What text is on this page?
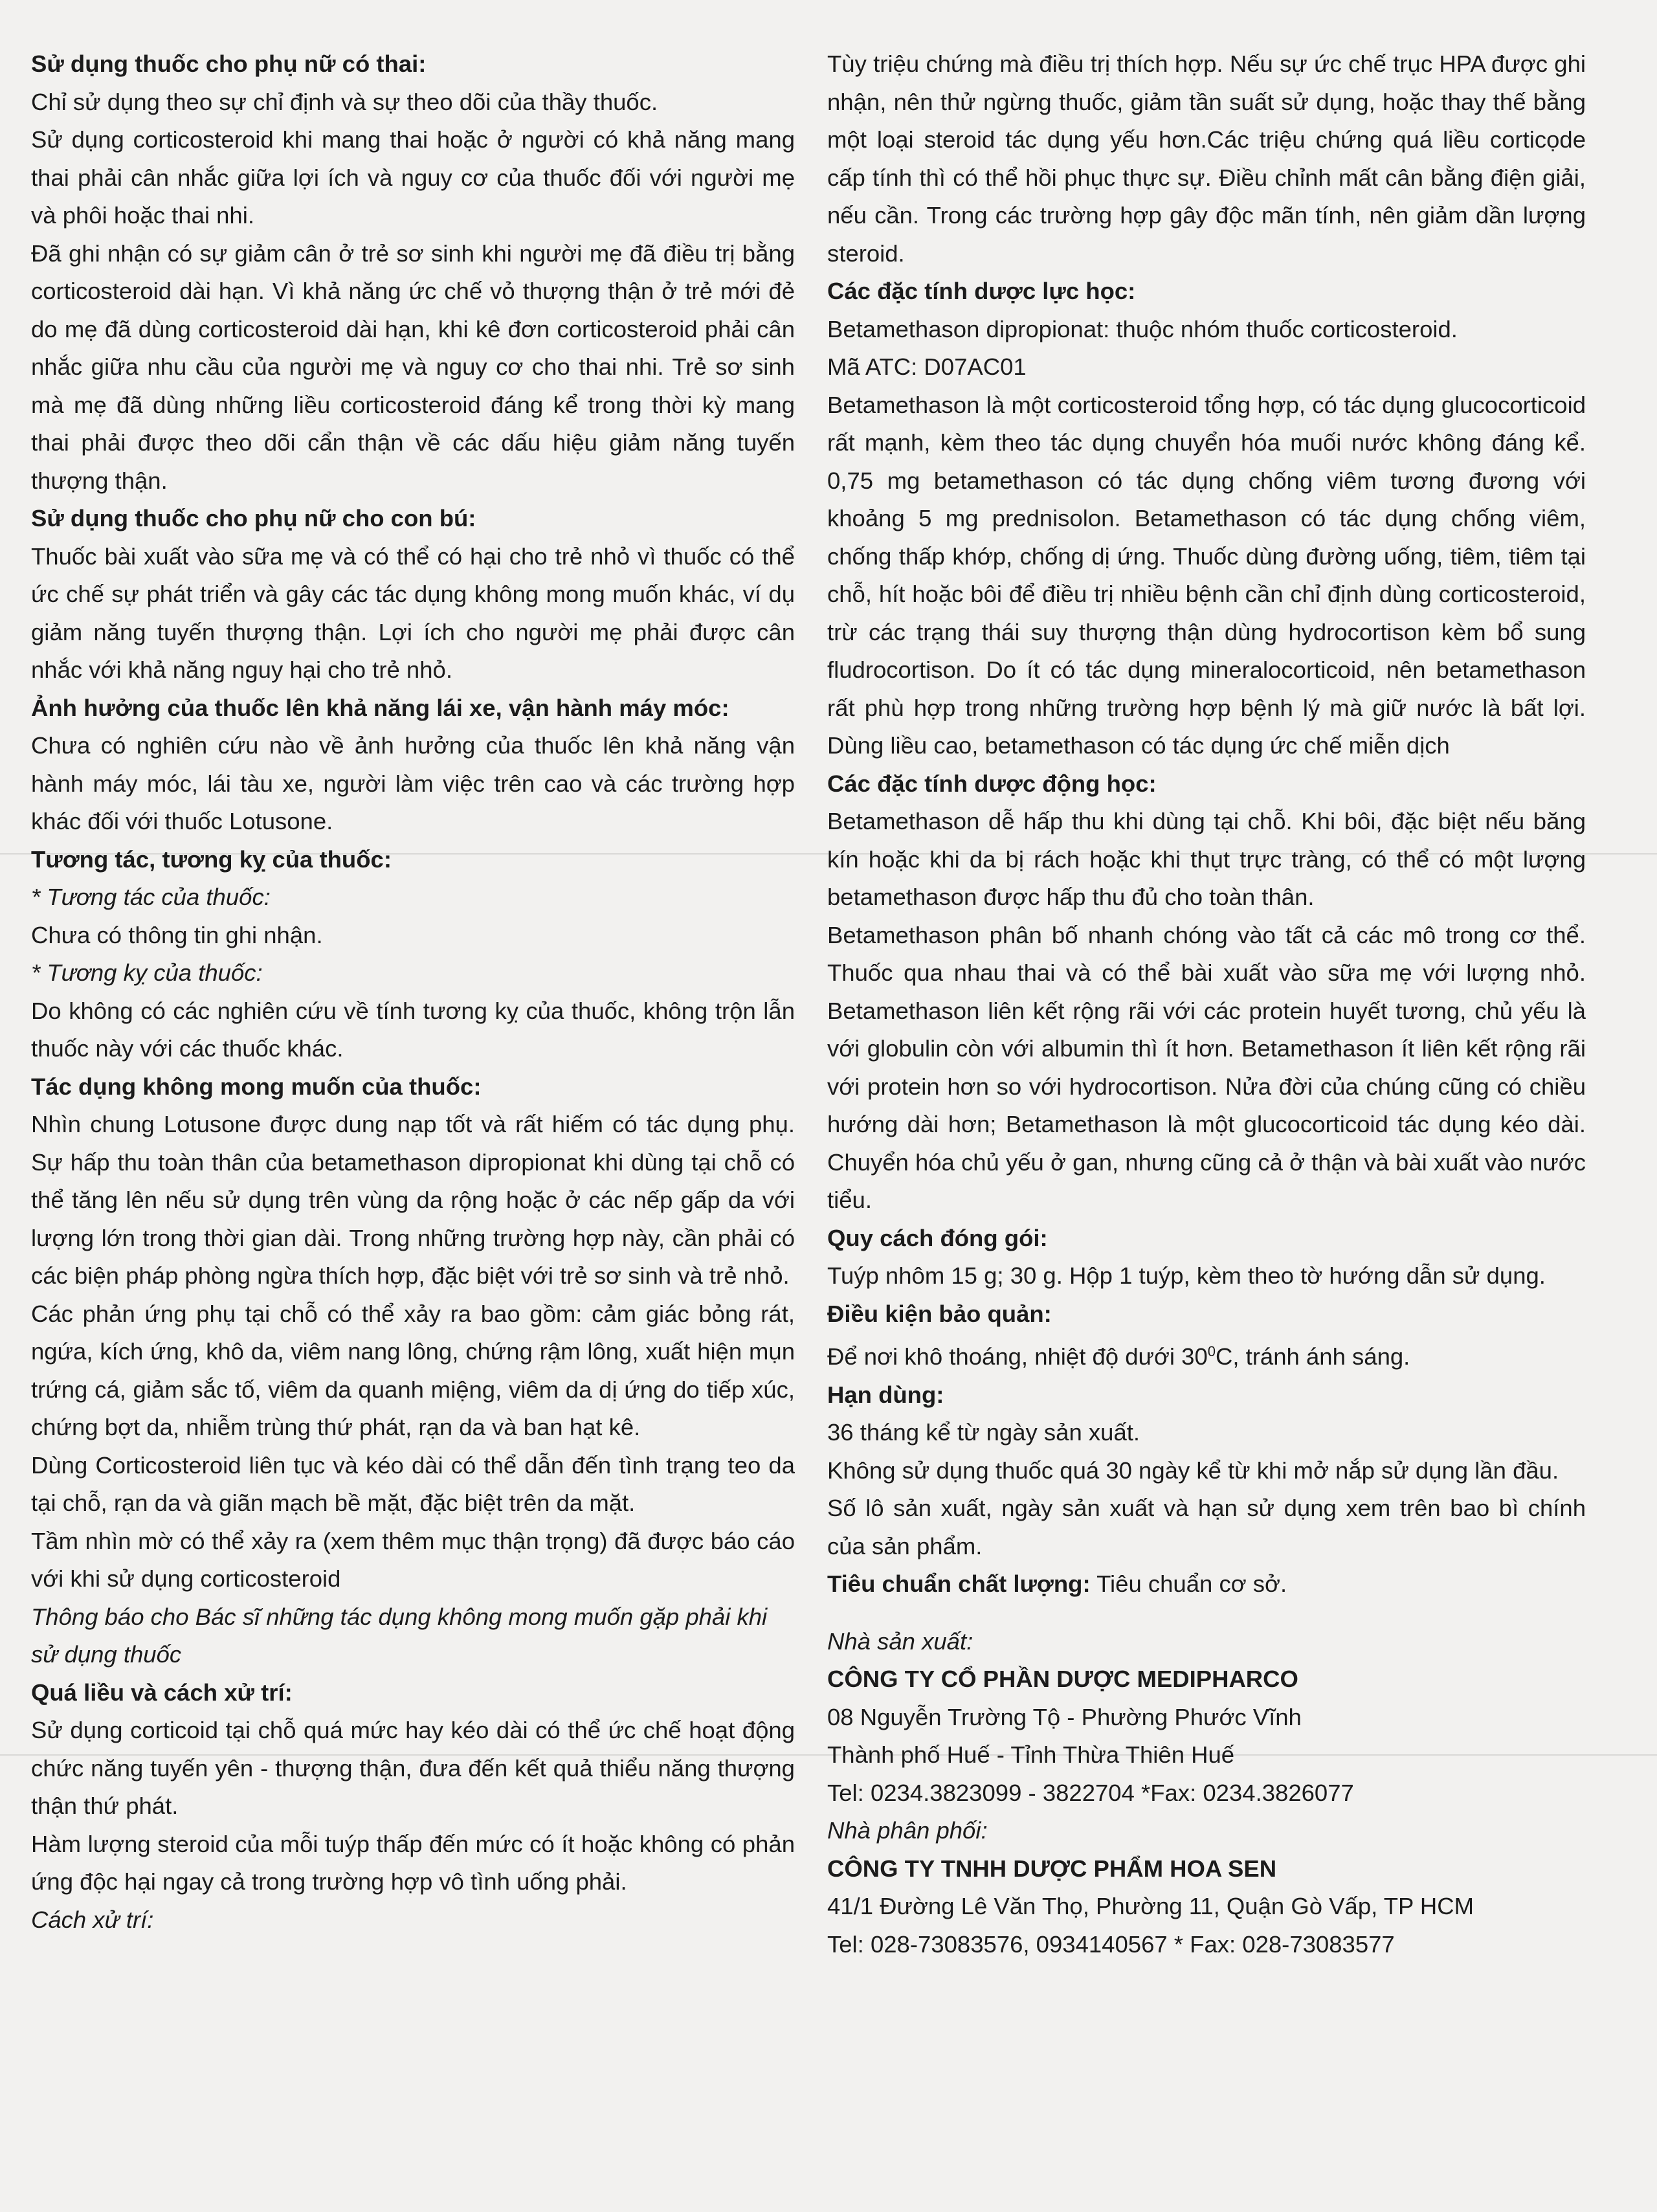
Sử dụng thuốc cho phụ nữ có thai:

Chỉ sử dụng theo sự chỉ định và sự theo dõi của thầy thuốc.

Sử dụng corticosteroid khi mang thai hoặc ở người có khả năng mang thai phải cân nhắc giữa lợi ích và nguy cơ của thuốc đối với người mẹ và phôi hoặc thai nhi.

Đã ghi nhận có sự giảm cân ở trẻ sơ sinh khi người mẹ đã điều trị bằng corticosteroid dài hạn. Vì khả năng ức chế vỏ thượng thận ở trẻ mới đẻ do mẹ đã dùng corticosteroid dài hạn, khi kê đơn corticosteroid phải cân nhắc giữa nhu cầu của người mẹ và nguy cơ cho thai nhi. Trẻ sơ sinh mà mẹ đã dùng những liều corticosteroid đáng kể trong thời kỳ mang thai phải được theo dõi cẩn thận về các dấu hiệu giảm năng tuyến thượng thận.

Sử dụng thuốc cho phụ nữ cho con bú:

Thuốc bài xuất vào sữa mẹ và có thể có hại cho trẻ nhỏ vì thuốc có thể ức chế sự phát triển và gây các tác dụng không mong muốn khác, ví dụ giảm năng tuyến thượng thận. Lợi ích cho người mẹ phải được cân nhắc với khả năng nguy hại cho trẻ nhỏ.

Ảnh hưởng của thuốc lên khả năng lái xe, vận hành máy móc:

Chưa có nghiên cứu nào về ảnh hưởng của thuốc lên khả năng vận hành máy móc, lái tàu xe, người làm việc trên cao và các trường hợp khác đối với thuốc Lotusone.

Tương tác, tương kỵ của thuốc:

* Tương tác của thuốc:

Chưa có thông tin ghi nhận.

* Tương kỵ của thuốc:

Do không có các nghiên cứu về tính tương kỵ của thuốc, không trộn lẫn thuốc này với các thuốc khác.

Tác dụng không mong muốn của thuốc:

Nhìn chung Lotusone được dung nạp tốt và rất hiếm có tác dụng phụ. Sự hấp thu toàn thân của betamethason dipropionat khi dùng tại chỗ có thể tăng lên nếu sử dụng trên vùng da rộng hoặc ở các nếp gấp da với lượng lớn trong thời gian dài. Trong những trường hợp này, cần phải có các biện pháp phòng ngừa thích hợp, đặc biệt với trẻ sơ sinh và trẻ nhỏ.

Các phản ứng phụ tại chỗ có thể xảy ra bao gồm: cảm giác bỏng rát, ngứa, kích ứng, khô da, viêm nang lông, chứng rậm lông, xuất hiện mụn trứng cá, giảm sắc tố, viêm da quanh miệng, viêm da dị ứng do tiếp xúc, chứng bợt da, nhiễm trùng thứ phát, rạn da và ban hạt kê.

Dùng Corticosteroid liên tục và kéo dài có thể dẫn đến tình trạng teo da tại chỗ, rạn da và giãn mạch bề mặt, đặc biệt trên da mặt.

Tầm nhìn mờ có thể xảy ra (xem thêm mục thận trọng) đã được báo cáo với khi sử dụng corticosteroid

Thông báo cho Bác sĩ những tác dụng không mong muốn gặp phải khi sử dụng thuốc

Quá liều và cách xử trí:

Sử dụng corticoid tại chỗ quá mức hay kéo dài có thể ức chế hoạt động chức năng tuyến yên - thượng thận, đưa đến kết quả thiểu năng thượng thận thứ phát.

Hàm lượng steroid của mỗi tuýp thấp đến mức có ít hoặc không có phản ứng độc hại ngay cả trong trường hợp vô tình uống phải.

Cách xử trí:

Tùy triệu chứng mà điều trị thích hợp. Nếu sự ức chế trục HPA được ghi nhận, nên thử ngừng thuốc, giảm tần suất sử dụng, hoặc thay thế bằng một loại steroid tác dụng yếu hơn.Các triệu chứng quá liều corticọde cấp tính thì có thể hồi phục thực sự. Điều chỉnh mất cân bằng điện giải, nếu cần. Trong các trường hợp gây độc mãn tính, nên giảm dần lượng steroid.

Các đặc tính dược lực học:

Betamethason dipropionat: thuộc nhóm thuốc corticosteroid.

Mã ATC: D07AC01

Betamethason là một corticosteroid tổng hợp, có tác dụng glucocorticoid rất mạnh, kèm theo tác dụng chuyển hóa muối nước không đáng kể. 0,75 mg betamethason có tác dụng chống viêm tương đương với khoảng 5 mg prednisolon. Betamethason có tác dụng chống viêm, chống thấp khớp, chống dị ứng. Thuốc dùng đường uống, tiêm, tiêm tại chỗ, hít hoặc bôi để điều trị nhiều bệnh cần chỉ định dùng corticosteroid, trừ các trạng thái suy thượng thận dùng hydrocortison kèm bổ sung fludrocortison. Do ít có tác dụng mineralocorticoid, nên betamethason rất phù hợp trong những trường hợp bệnh lý mà giữ nước là bất lợi. Dùng liều cao, betamethason có tác dụng ức chế miễn dịch

Các đặc tính dược động học:

Betamethason dễ hấp thu khi dùng tại chỗ. Khi bôi, đặc biệt nếu băng kín hoặc khi da bị rách hoặc khi thụt trực tràng, có thể có một lượng betamethason được hấp thu đủ cho toàn thân.

Betamethason phân bố nhanh chóng vào tất cả các mô trong cơ thể. Thuốc qua nhau thai và có thể bài xuất vào sữa mẹ với lượng nhỏ. Betamethason liên kết rộng rãi với các protein huyết tương, chủ yếu là với globulin còn với albumin thì ít hơn. Betamethason ít liên kết rộng rãi với protein hơn so với hydrocortison. Nửa đời của chúng cũng có chiều hướng dài hơn; Betamethason là một glucocorticoid tác dụng kéo dài. Chuyển hóa chủ yếu ở gan, nhưng cũng cả ở thận và bài xuất vào nước tiểu.

Quy cách đóng gói:

Tuýp nhôm 15 g; 30 g. Hộp 1 tuýp, kèm theo tờ hướng dẫn sử dụng.

Điều kiện bảo quản:

Để nơi khô thoáng, nhiệt độ dưới $30^0C$, tránh ánh sáng.

Hạn dùng:

36 tháng kể từ ngày sản xuất.

Không sử dụng thuốc quá 30 ngày kể từ khi mở nắp sử dụng lần đầu.

Số lô sản xuất, ngày sản xuất và hạn sử dụng xem trên bao bì chính của sản phẩm.

Tiêu chuẩn chất lượng: Tiêu chuẩn cơ sở.

Nhà sản xuất:

CÔNG TY CỔ PHẦN DƯỢC MEDIPHARCO

08 Nguyễn Trường Tộ - Phường Phước Vĩnh

Thành phố Huế - Tỉnh Thừa Thiên Huế

Tel: 0234.3823099 - 3822704 *Fax: 0234.3826077

Nhà phân phối:

CÔNG TY TNHH DƯỢC PHẨM HOA SEN

41/1 Đường Lê Văn Thọ, Phường 11, Quận Gò Vấp, TP HCM

Tel: 028-73083576, 0934140567 * Fax: 028-73083577
